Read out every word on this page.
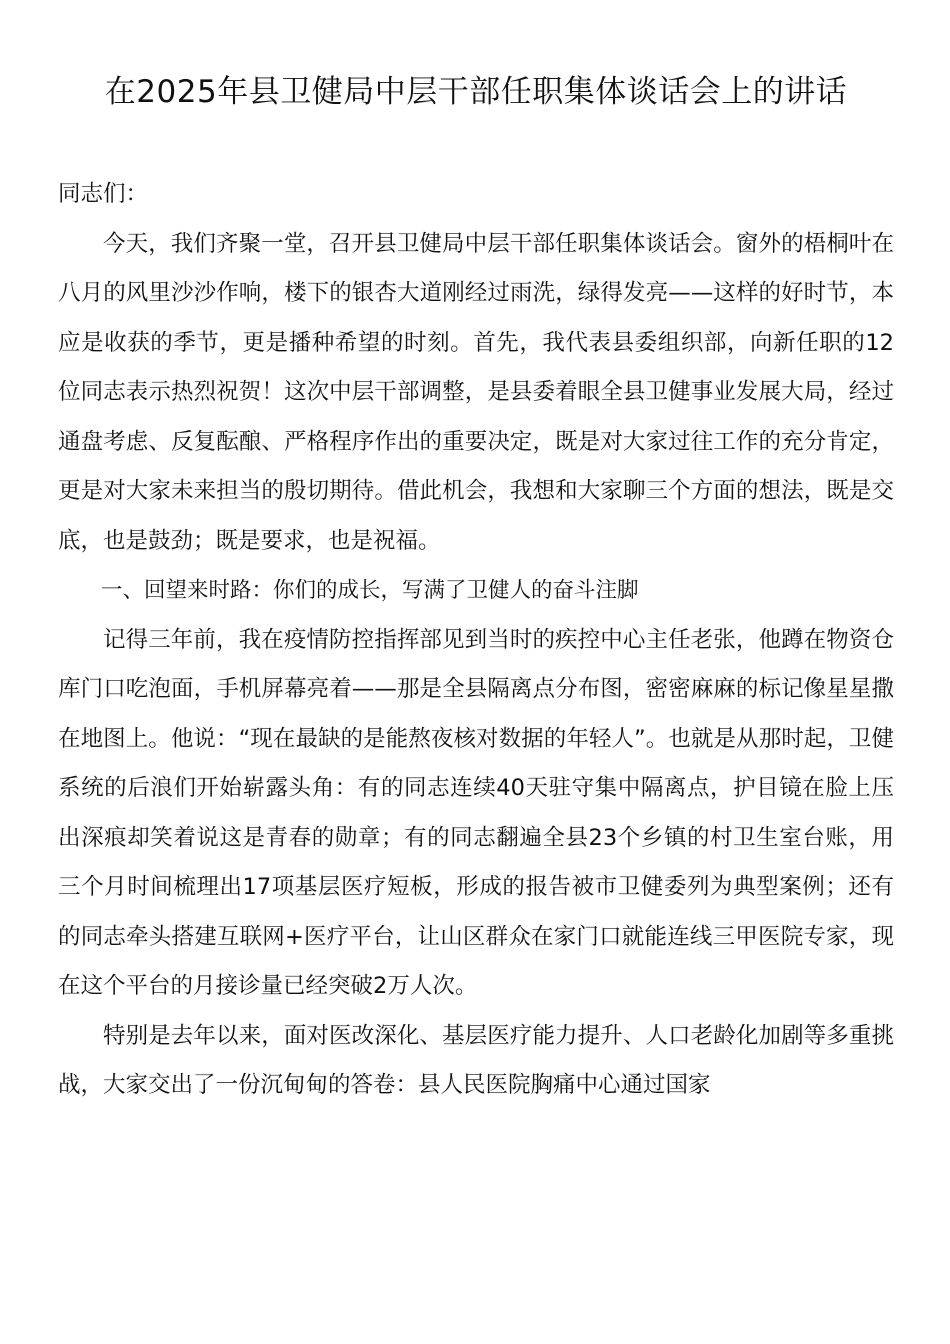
在2025年县卫健局中层干部任职集体谈话会上的讲话

同志们：

今天，我们齐聚一堂，召开县卫健局中层干部任职集体谈话会。窗外的梧桐叶在八月的风里沙沙作响，楼下的银杏大道刚经过雨洗，绿得发亮——这样的好时节，本应是收获的季节，更是播种希望的时刻。首先，我代表县委组织部，向新任职的12位同志表示热烈祝贺！这次中层干部调整，是县委着眼全县卫健事业发展大局，经过通盘考虑、反复酝酿、严格程序作出的重要决定，既是对大家过往工作的充分肯定，更是对大家未来担当的殷切期待。借此机会，我想和大家聊三个方面的想法，既是交底，也是鼓劲；既是要求，也是祝福。

一、回望来时路：你们的成长，写满了卫健人的奋斗注脚

记得三年前，我在疫情防控指挥部见到当时的疾控中心主任老张，他蹲在物资仓库门口吃泡面，手机屏幕亮着——那是全县隔离点分布图，密密麻麻的标记像星星撒在地图上。他说：“现在最缺的是能熬夜核对数据的年轻人”。也就是从那时起，卫健系统的后浪们开始崭露头角：有的同志连续40天驻守集中隔离点，护目镜在脸上压出深痕却笑着说这是青春的勋章；有的同志翻遍全县23个乡镇的村卫生室台账，用三个月时间梳理出17项基层医疗短板，形成的报告被市卫健委列为典型案例；还有的同志牵头搭建互联网+医疗平台，让山区群众在家门口就能连线三甲医院专家，现在这个平台的月接诊量已经突破2万人次。

特别是去年以来，面对医改深化、基层医疗能力提升、人口老龄化加剧等多重挑战，大家交出了一份沉甸甸的答卷：县人民医院胸痛中心通过国家
